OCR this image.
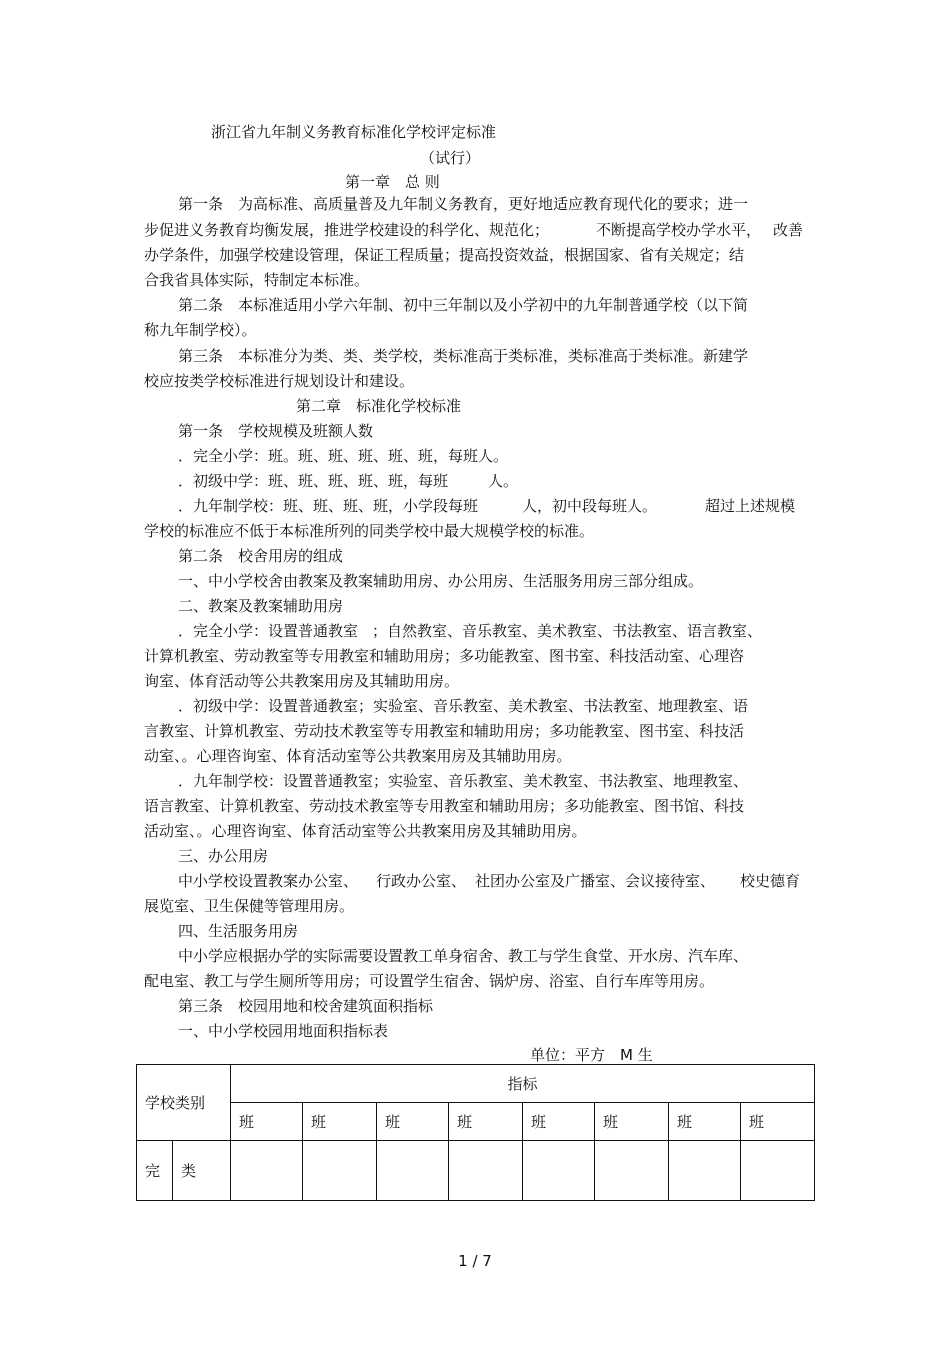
浙江省九年制义务教育标准化学校评定标准
（试行）
第一章　总 则
第一条　为高标准、高质量普及九年制义务教育，更好地适应教育现代化的要求；进一
步促进义务教育均衡发展，推进学校建设的科学化、规范化；	不断提高学校办学水平， 改善
办学条件，加强学校建设管理，保证工程质量；提高投资效益，根据国家、省有关规定；结
合我省具体实际，特制定本标准。
第二条　本标准适用小学六年制、初中三年制以及小学初中的九年制普通学校（以下简
称九年制学校）。
第三条　本标准分为类、类、类学校，类标准高于类标准，类标准高于类标准。新建学
校应按类学校标准进行规划设计和建设。
第二章　标准化学校标准
第一条　学校规模及班额人数
．完全小学：班。班、班、班、班、班，每班人。
．初级中学：班、班、班、班、班，每班	人。
．九年制学校：班、班、班、班，小学段每班	人，初中段每班人。	超过上述规模
学校的标准应不低于本标准所列的同类学校中最大规模学校的标准。
第二条　校舍用房的组成
一、中小学校舍由教案及教案辅助用房、办公用房、生活服务用房三部分组成。
二、教案及教案辅助用房
．完全小学：设置普通教室 ；自然教室、音乐教室、美术教室、书法教室、语言教室、
计算机教室、劳动教室等专用教室和辅助用房；多功能教室、图书室、科技活动室、心理咨
询室、体育活动等公共教案用房及其辅助用房。
．初级中学：设置普通教室；实验室、音乐教室、美术教室、书法教室、地理教室、语
言教室、计算机教室、劳动技术教室等专用教室和辅助用房；多功能教室、图书室、科技活
动室、。心理咨询室、体育活动室等公共教案用房及其辅助用房。
．九年制学校：设置普通教室；实验室、音乐教室、美术教室、书法教室、地理教室、
语言教室、计算机教室、劳动技术教室等专用教室和辅助用房；多功能教室、图书馆、科技
活动室、。心理咨询室、体育活动室等公共教案用房及其辅助用房。
三、办公用房
中小学校设置教案办公室、 行政办公室、 社团办公室及广播室、会议接待室、 校史德育
展览室、卫生保健等管理用房。
四、生活服务用房
中小学应根据办学的实际需要设置教工单身宿舍、教工与学生食堂、开水房、汽车库、
配电室、教工与学生厕所等用房；可设置学生宿舍、锅炉房、浴室、自行车库等用房。
第三条　校园用地和校舍建筑面积指标
一、中小学校园用地面积指标表
单位：平方　M 生
学校类别		指标							
		班	班	班	班	班	班	班	班
完	类								
1 / 7
